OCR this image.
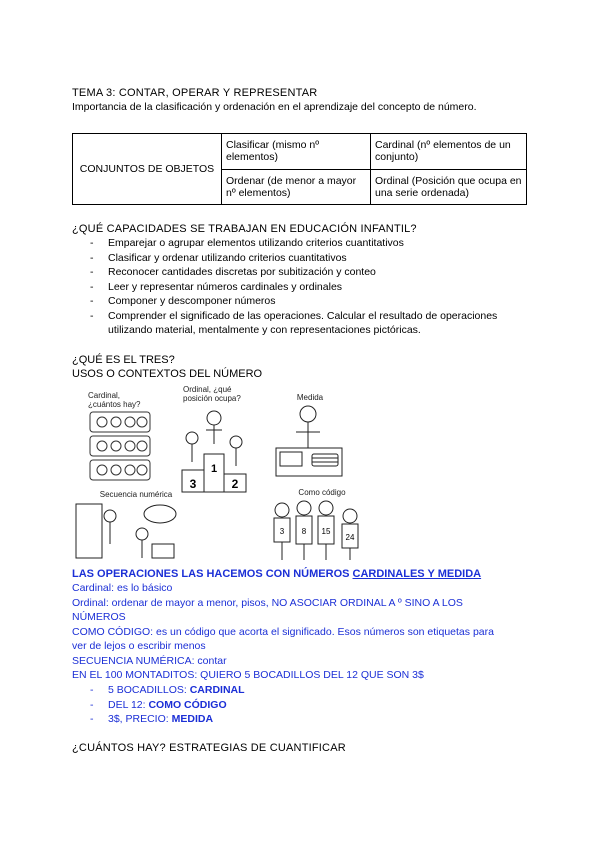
TEMA 3: CONTAR, OPERAR Y REPRESENTAR
Importancia de la clasificación y ordenación en el aprendizaje del concepto de número.
CONJUNTOS DE OBJETOS	Clasificar (mismo nº elementos)	Cardinal (nº elementos de un conjunto)
	Ordenar (de menor a mayor nº elementos)	Ordinal (Posición que ocupa en una serie ordenada)
¿QUÉ CAPACIDADES SE TRABAJAN EN EDUCACIÓN INFANTIL?
- Emparejar o agrupar elementos utilizando criterios cuantitativos
- Clasificar y ordenar utilizando criterios cuantitativos
- Reconocer cantidades discretas por subitización y conteo
- Leer y representar números cardinales y ordinales
- Componer y descomponer números
- Comprender el significado de las operaciones. Calcular el resultado de operaciones utilizando material, mentalmente y con representaciones pictóricas.
¿QUÉ ES EL TRES?
USOS O CONTEXTOS DEL NÚMERO
Cardinal, ¿cuántos hay?
Ordinal, ¿qué posición ocupa?
1
3	2
Medida
Secuencia numérica	Como código
3 8 15
24
LAS OPERACIONES LAS HACEMOS CON NÚMEROS CARDINALES Y MEDIDA
Cardinal: es lo básico
Ordinal: ordenar de mayor a menor, pisos, NO ASOCIAR ORDINAL A º SINO A LOS
NÚMEROS
COMO CÓDIGO: es un código que acorta el significado. Esos números son etiquetas para
ver de lejos o escribir menos
SECUENCIA NUMÉRICA: contar
EN EL 100 MONTADITOS: QUIERO 5 BOCADILLOS DEL 12 QUE SON 3$
- 5 BOCADILLOS: CARDINAL
- DEL 12: COMO CÓDIGO
- 3$, PRECIO: MEDIDA
¿CUÁNTOS HAY? ESTRATEGIAS DE CUANTIFICAR
